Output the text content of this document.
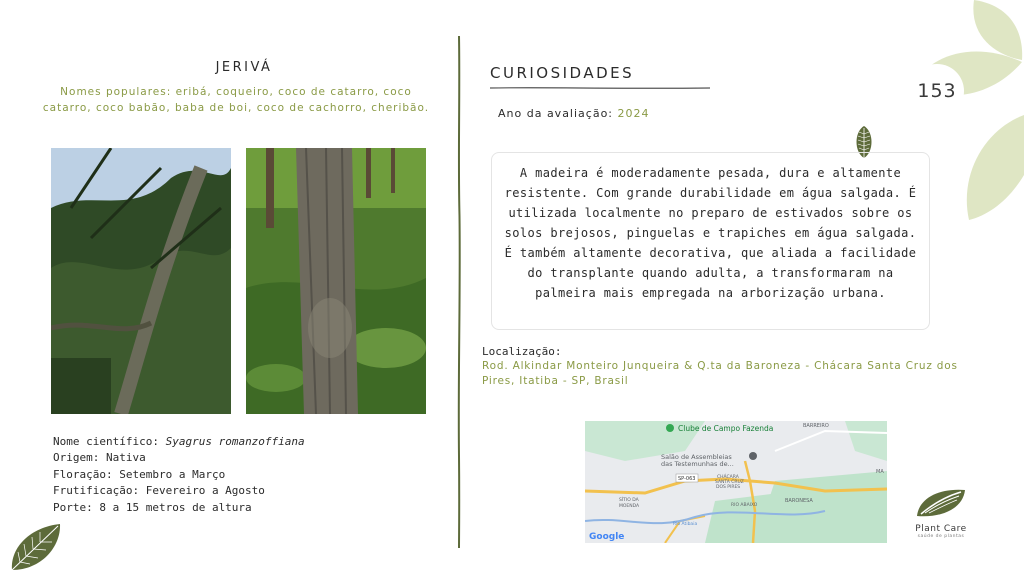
153
JERIVÁ
Nomes populares: eribá, coqueiro, coco de catarro, coco catarro, coco babão, baba de boi, coco de cachorro, cheribão.
Nome científico: Syagrus romanzoffiana
Origem: Nativa
Floração: Setembro a Março
Frutificação: Fevereiro a Agosto
Porte: 8 a 15 metros de altura
CURIOSIDADES
Ano da avaliação: 2024

A madeira é moderadamente pesada, dura e altamente resistente. Com grande durabilidade em água salgada. É utilizada localmente no preparo de estivados sobre os solos brejosos, pinguelas e trapiches em água salgada. É também altamente decorativa, que aliada a facilidade do transplante quando adulta, a transformaram na palmeira mais empregada na arborização urbana.

Localização:
Rod. Alkindar Monteiro Junqueira & Q.ta da Baroneza - Chácara Santa Cruz dos Pires, Itatiba - SP, Brasil
Clube de Campo Fazenda
Salão de Assembleias
das Testemunhas de...
BARREIRO
SP-063	CHÁCARA
SANTA CRUZ
DOS PIRES
SÍTIO DA
MOENDA
BARONESA
RIO ABAIXO
Rio Atibaia
MA
Google
Plant Care
saúde de plantas
